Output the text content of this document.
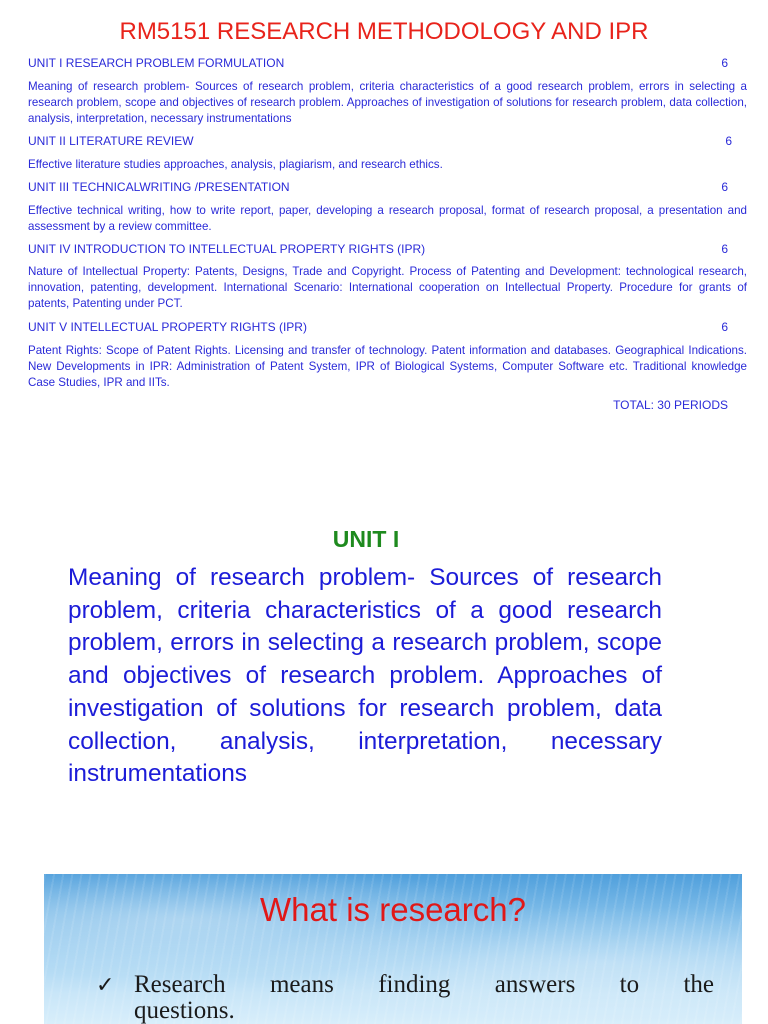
RM5151 RESEARCH METHODOLOGY AND IPR
UNIT I RESEARCH PROBLEM FORMULATION	6
Meaning of research problem- Sources of research problem, criteria characteristics of a good research problem, errors in selecting a research problem, scope and objectives of research problem. Approaches of investigation of solutions for research problem, data collection, analysis, interpretation, necessary instrumentations
UNIT II LITERATURE REVIEW	6
Effective literature studies approaches, analysis, plagiarism, and research ethics.
UNIT III TECHNICALWRITING /PRESENTATION	6
Effective technical writing, how to write report, paper, developing a research proposal, format of research proposal, a presentation and assessment by a review committee.
UNIT IV INTRODUCTION TO INTELLECTUAL PROPERTY RIGHTS (IPR)	6
Nature of Intellectual Property: Patents, Designs, Trade and Copyright. Process of Patenting and Development: technological research, innovation, patenting, development. International Scenario: International cooperation on Intellectual Property. Procedure for grants of patents, Patenting under PCT.
UNIT V INTELLECTUAL PROPERTY RIGHTS (IPR)	6
Patent Rights: Scope of Patent Rights. Licensing and transfer of technology. Patent information and databases. Geographical Indications. New Developments in IPR: Administration of Patent System, IPR of Biological Systems, Computer Software etc. Traditional knowledge Case Studies, IPR and IITs.
TOTAL: 30 PERIODS
UNIT I
Meaning of research problem- Sources of research problem, criteria characteristics of a good research problem, errors in selecting a research problem, scope and objectives of research problem. Approaches of investigation of solutions for research problem, data collection, analysis, interpretation, necessary instrumentations
What is research?
✓ Research means finding answers to the
questions.
